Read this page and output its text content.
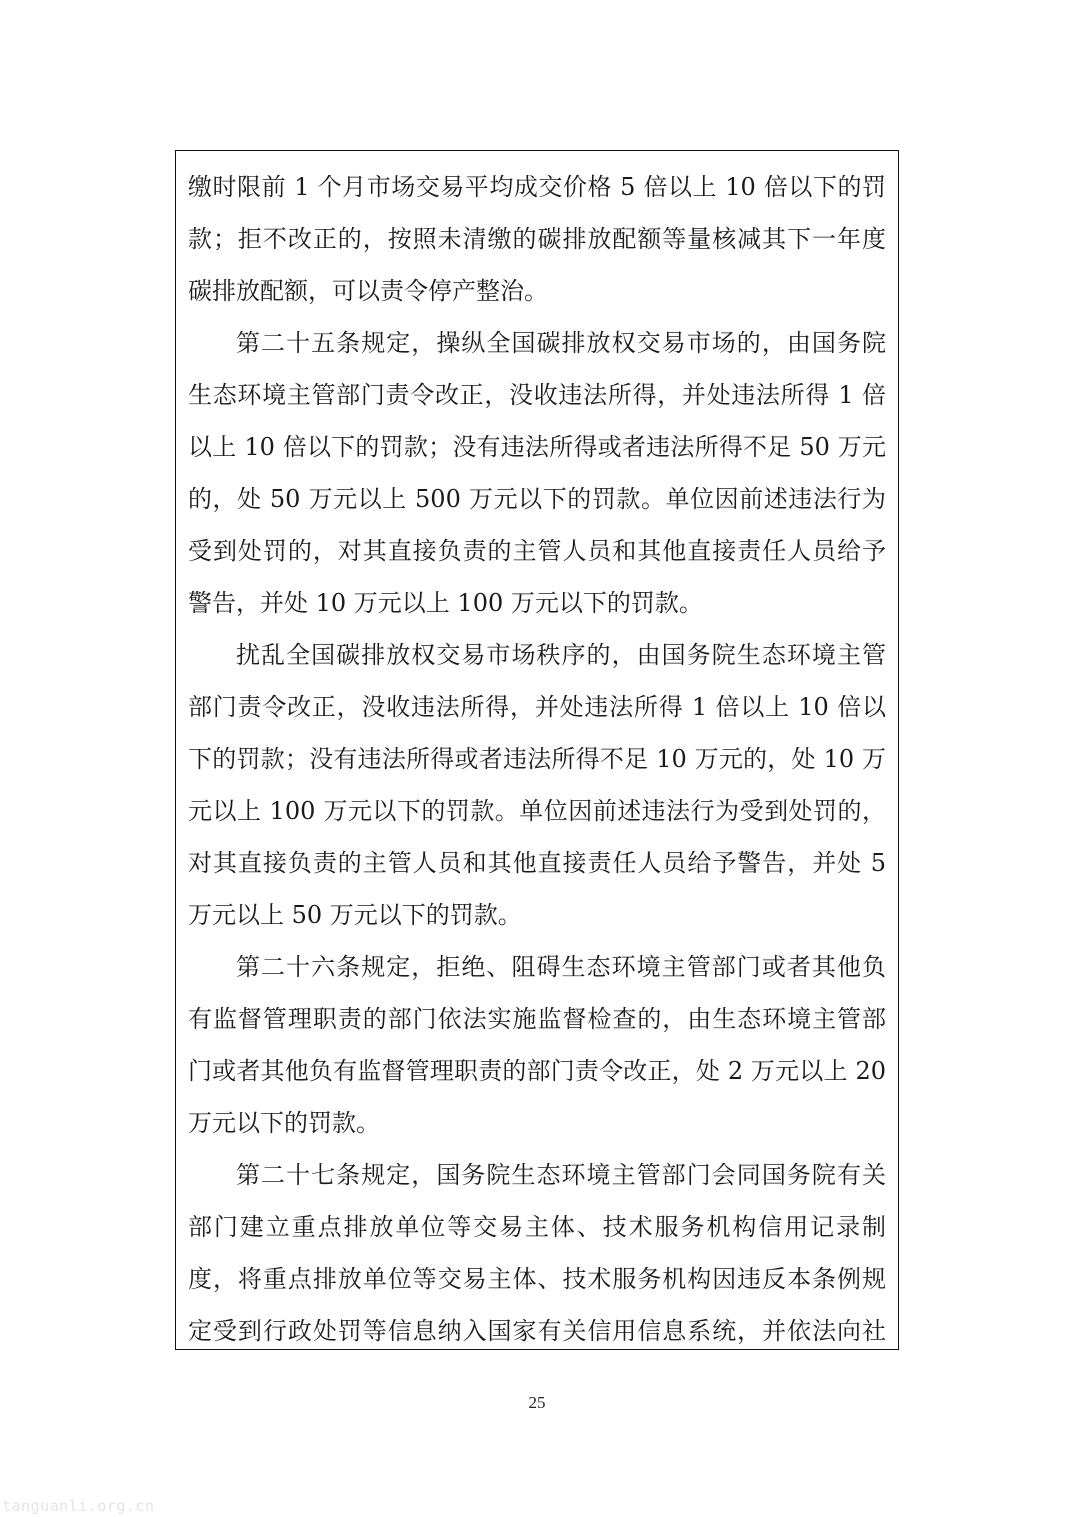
缴时限前 1 个月市场交易平均成交价格 5 倍以上 10 倍以下的罚
款；拒不改正的，按照未清缴的碳排放配额等量核减其下一年度
碳排放配额，可以责令停产整治。
第二十五条规定，操纵全国碳排放权交易市场的，由国务院
生态环境主管部门责令改正，没收违法所得，并处违法所得 1 倍
以上 10 倍以下的罚款；没有违法所得或者违法所得不足 50 万元
的，处 50 万元以上 500 万元以下的罚款。单位因前述违法行为
受到处罚的，对其直接负责的主管人员和其他直接责任人员给予
警告，并处 10 万元以上 100 万元以下的罚款。
扰乱全国碳排放权交易市场秩序的，由国务院生态环境主管
部门责令改正，没收违法所得，并处违法所得 1 倍以上 10 倍以
下的罚款；没有违法所得或者违法所得不足 10 万元的，处 10 万
元以上 100 万元以下的罚款。单位因前述违法行为受到处罚的，
对其直接负责的主管人员和其他直接责任人员给予警告，并处 5
万元以上 50 万元以下的罚款。
第二十六条规定，拒绝、阻碍生态环境主管部门或者其他负
有监督管理职责的部门依法实施监督检查的，由生态环境主管部
门或者其他负有监督管理职责的部门责令改正，处 2 万元以上 20
万元以下的罚款。
第二十七条规定，国务院生态环境主管部门会同国务院有关
部门建立重点排放单位等交易主体、技术服务机构信用记录制
度，将重点排放单位等交易主体、技术服务机构因违反本条例规
定受到行政处罚等信息纳入国家有关信用信息系统，并依法向社
25
tanguanli.org.cn
